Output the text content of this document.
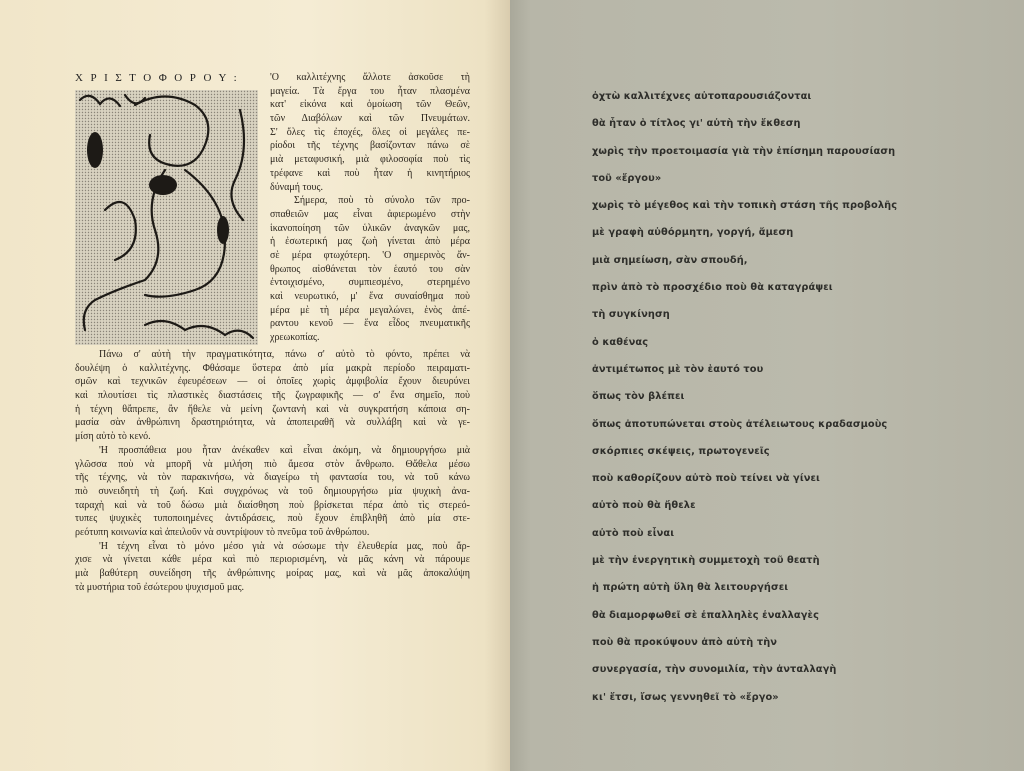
Χ Ρ Ι Σ Τ Ο Φ Ο Ρ Ο Υ :	'Ο καλλιτέχνης ἄλλοτε ἀσκοῦσε τὴ
μαγεία. Τὰ ἔργα του ἦταν πλασμένα
κατ' εἰκόνα καὶ ὁμοίωση τῶν Θεῶν,
τῶν Διαβόλων καὶ τῶν Πνευμάτων.
Σ' ὅλες τὶς ἐποχές, ὅλες οἱ μεγάλες πε-
ρίοδοι τῆς τέχνης βασίζονταν πάνω σὲ
μιὰ μεταφυσική, μιὰ φιλοσοφία ποὺ τὶς
τρέφανε καὶ ποὺ ἦταν ἡ κινητήριος
δύναμή τους.
Σήμερα, ποὺ τὸ σύνολο τῶν προ-
σπαθειῶν μας εἶναι ἀφιερωμένο στὴν
ἱκανοποίηση τῶν ὑλικῶν ἀναγκῶν μας,
ἡ ἐσωτερική μας ζωὴ γίνεται ἀπὸ μέρα
σὲ μέρα φτωχότερη. 'Ο σημερινὸς ἄν-
θρωπος αἰσθάνεται τὸν ἑαυτό του σὰν
ἐντοιχισμένο, συμπιεσμένο, στερημένο
καὶ νευρωτικό, μ' ἕνα συναίσθημα ποὺ
μέρα μὲ τὴ μέρα μεγαλώνει, ἑνὸς ἀπέ-
ραντου κενοῦ — ἕνα εἶδος πνευματικῆς
χρεωκοπίας.
Πάνω σ' αὐτὴ τὴν πραγματικότητα, πάνω σ' αὐτὸ τὸ φόντο, πρέπει νὰ
δουλέψη ὁ καλλιτέχνης. Φθάσαμε ὕστερα ἀπὸ μία μακρὰ περίοδο πειραματι-
σμῶν καὶ τεχνικῶν ἐφευρέσεων — οἱ ὁποῖες χωρὶς ἀμφιβολία ἔχουν διευρύνει
καὶ πλουτίσει τὶς πλαστικὲς διαστάσεις τῆς ζωγραφικῆς — σ' ἕνα σημεῖο, ποὺ
ἡ τέχνη θἄπρεπε, ἂν ἤθελε νὰ μείνη ζωντανὴ καὶ νὰ συγκρατήση κάποια ση-
μασία σὰν ἀνθρώπινη δραστηριότητα, νὰ ἀποπειραθῆ νὰ συλλάβη καὶ νὰ γε-
μίση αὐτὸ τὸ κενό.
'Η προσπάθεια μου ἦταν ἀνέκαθεν καὶ εἶναι ἀκόμη, νὰ δημιουργήσω μιὰ
γλῶσσα ποὺ νὰ μπορῆ νὰ μιλήση πιὸ ἄμεσα στὸν ἄνθρωπο. Θἄθελα μέσω
τῆς τέχνης, νὰ τὸν παρακινήσω, νὰ διαγείρω τὴ φαντασία του, νὰ τοῦ κάνω
πιὸ συνειδητὴ τὴ ζωή. Καὶ συγχρόνως νὰ τοῦ δημιουργήσω μία ψυχικὴ ἀνα-
ταραχὴ καὶ νὰ τοῦ δώσω μιὰ διαίσθηση ποὺ βρίσκεται πέρα ἀπὸ τὶς στερεό-
τυπες ψυχικὲς τυποποιημένες ἀντιδράσεις, ποὺ ἔχουν ἐπιβληθῆ ἀπὸ μία στε-
ρεότυπη κοινωνία καὶ ἀπειλοῦν νὰ συντρίψουν τὸ πνεῦμα τοῦ ἀνθρώπου.
'Η τέχνη εἶναι τὸ μόνο μέσο γιὰ νὰ σώσωμε τὴν ἐλευθερία μας, ποὺ ἄρ-
χισε νὰ γίνεται κάθε μέρα καὶ πιὸ περιορισμένη, νὰ μᾶς κάνη νὰ πάρουμε
μιὰ βαθύτερη συνείδηση τῆς ἀνθρώπινης μοίρας μας, καὶ νὰ μᾶς ἀποκαλύψη
τὰ μυστήρια τοῦ ἐσώτερου ψυχισμοῦ μας.
ὀχτὼ καλλιτέχνες αὐτοπαρουσιάζονται
θὰ ἦταν ὁ τίτλος γι' αὐτὴ τὴν ἔκθεση
χωρὶς τὴν προετοιμασία γιὰ τὴν ἐπίσημη παρουσίαση
τοῦ «ἔργου»
χωρὶς τὸ μέγεθος καὶ τὴν τοπικὴ στάση τῆς προβολῆς
μὲ γραφὴ αὐθόρμητη, γοργή, ἄμεση
μιὰ σημείωση, σὰν σπουδή,
πρὶν ἀπὸ τὸ προσχέδιο ποὺ θὰ καταγράψει
τὴ συγκίνηση
ὁ καθένας
ἀντιμέτωπος μὲ τὸν ἑαυτό του
ὅπως τὸν βλέπει
ὅπως ἀποτυπώνεται στοὺς ἀτέλειωτους κραδασμοὺς
σκόρπιες σκέψεις, πρωτογενεῖς
ποὺ καθορίζουν αὐτὸ ποὺ τείνει νὰ γίνει
αὐτὸ ποὺ θὰ ἤθελε
αὐτὸ ποὺ εἶναι
μὲ τὴν ἐνεργητικὴ συμμετοχὴ τοῦ θεατὴ
ἡ πρώτη αὐτὴ ὕλη θὰ λειτουργήσει
θὰ διαμορφωθεῖ σὲ ἐπαλληλὲς ἐναλλαγὲς
ποὺ θὰ προκύψουν ἀπὸ αὐτὴ τὴν
συνεργασία, τὴν συνομιλία, τὴν ἀνταλλαγὴ
κι' ἔτσι, ἴσως γεννηθεῖ τὸ «ἔργο»
